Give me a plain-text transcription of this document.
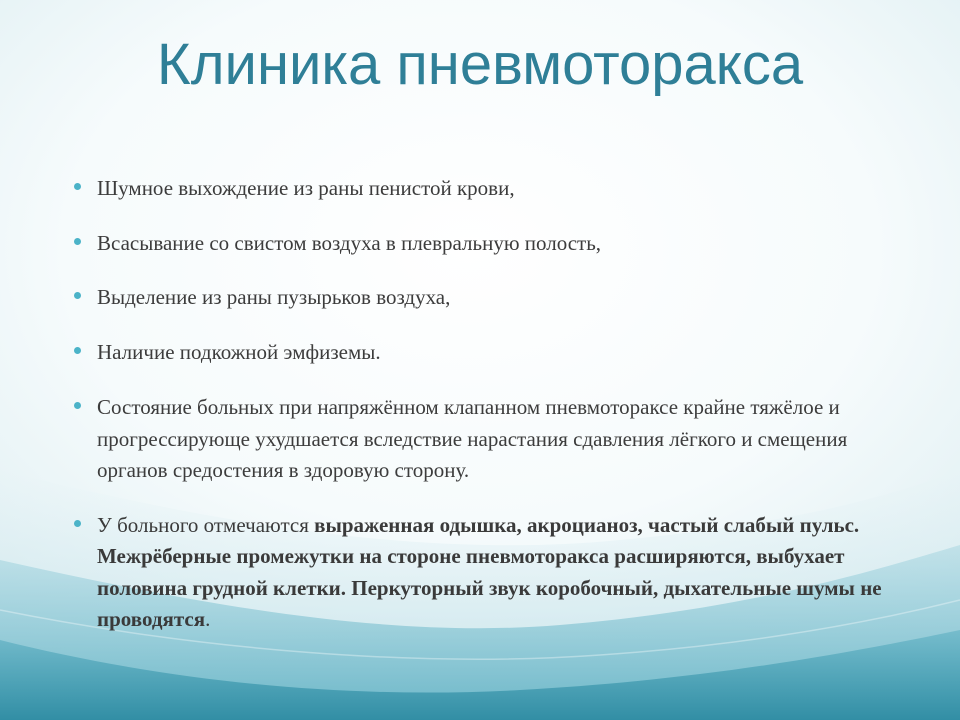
Клиника пневмоторакса
Шумное выхождение из раны пенистой крови,
Всасывание со свистом воздуха в плевральную полость,
Выделение из раны пузырьков воздуха,
Наличие подкожной эмфиземы.
Состояние больных при напряжённом клапанном пневмотораксе крайне тяжёлое и прогрессирующе ухудшается вследствие нарастания сдавления лёгкого и смещения органов средостения в здоровую сторону.
У больного отмечаются выраженная одышка, акроцианоз, частый слабый пульс. Межрёберные промежутки на стороне пневмоторакса расширяются, выбухает половина грудной клетки. Перкуторный звук коробочный, дыхательные шумы не проводятся.
